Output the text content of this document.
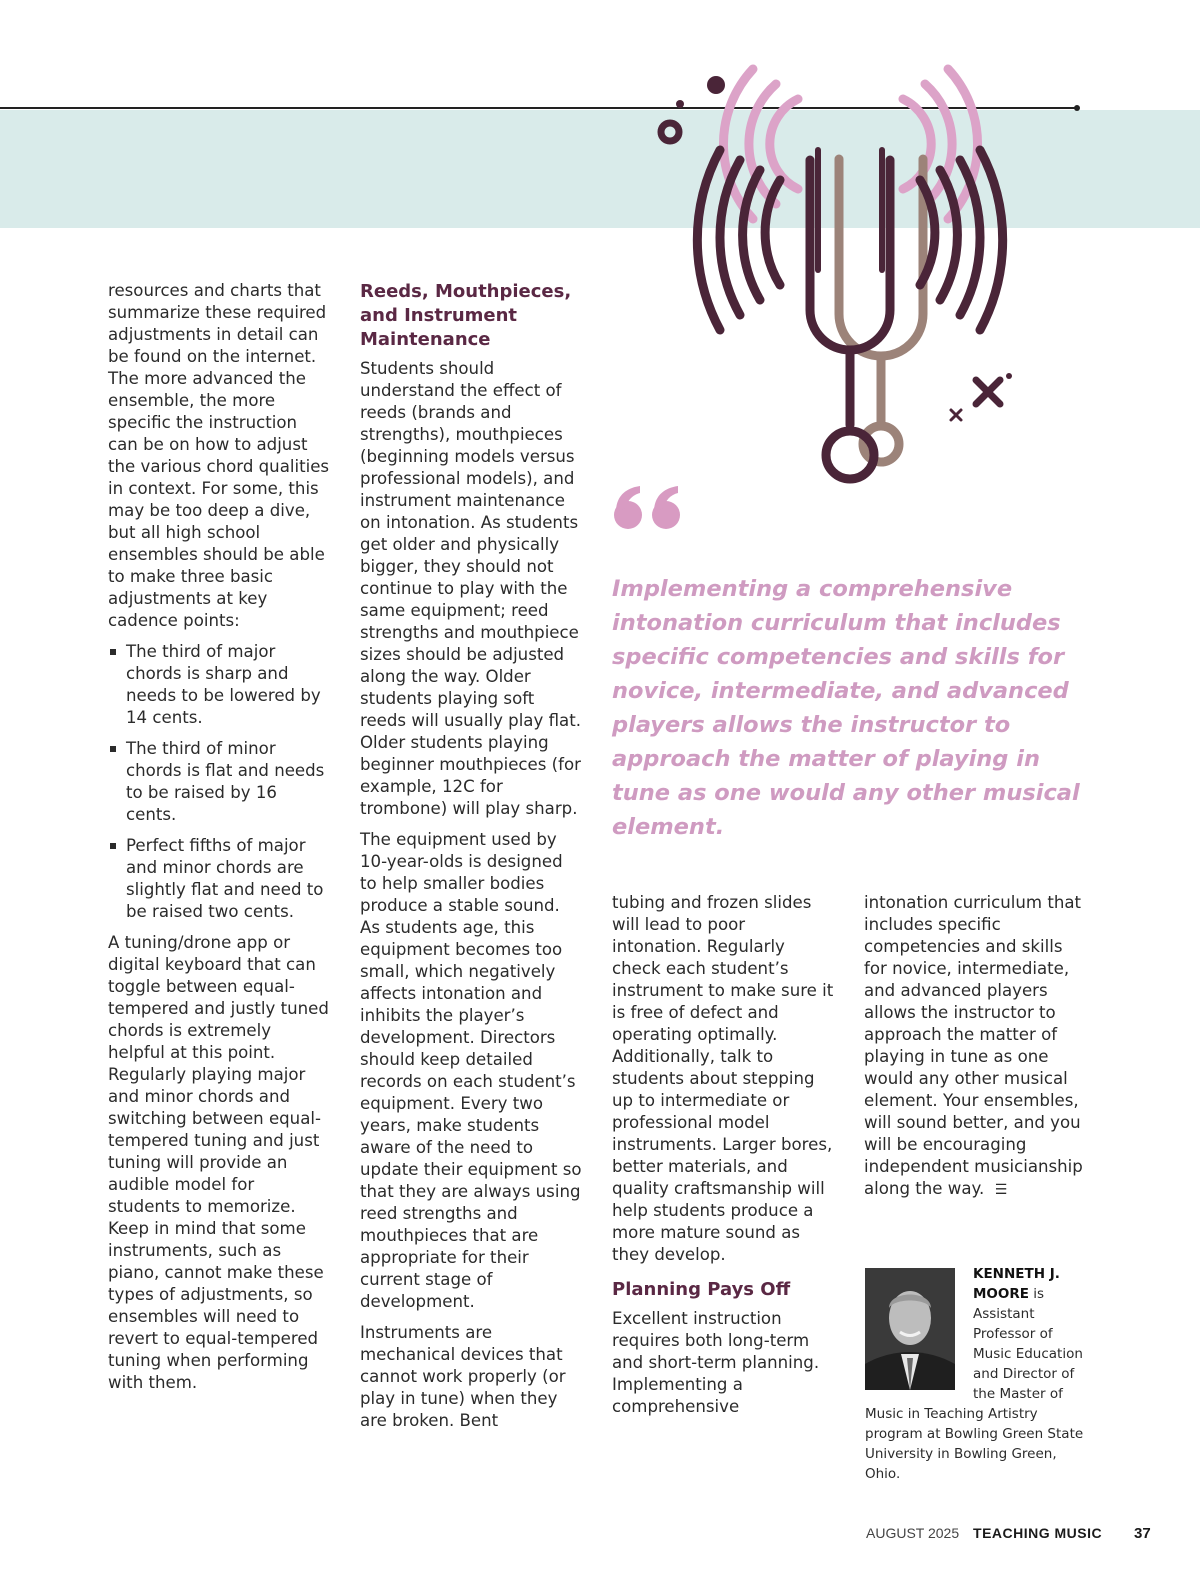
resources and charts that summarize these required adjustments in detail can be found on the internet. The more advanced the ensemble, the more specific the instruction can be on how to adjust the various chord qualities in context. For some, this may be too deep a dive, but all high school ensembles should be able to make three basic adjustments at key cadence points:

The third of major chords is sharp and needs to be lowered by 14 cents.
The third of minor chords is flat and needs to be raised by 16 cents.
Perfect fifths of major and minor chords are slightly flat and need to be raised two cents.

A tuning/drone app or digital keyboard that can toggle between equal-tempered and justly tuned chords is extremely helpful at this point. Regularly playing major and minor chords and switching between equal-tempered tuning and just tuning will provide an audible model for students to memorize. Keep in mind that some instruments, such as piano, cannot make these types of adjustments, so ensembles will need to revert to equal-tempered tuning when performing with them.

Reeds, Mouthpieces, and Instrument Maintenance

Students should understand the effect of reeds (brands and strengths), mouthpieces (beginning models versus professional models), and instrument maintenance on intonation. As students get older and physically bigger, they should not continue to play with the same equipment; reed strengths and mouthpiece sizes should be adjusted along the way. Older students playing soft reeds will usually play flat. Older students playing beginner mouthpieces (for example, 12C for trombone) will play sharp.

The equipment used by 10-year-olds is designed to help smaller bodies produce a stable sound. As students age, this equipment becomes too small, which negatively affects intonation and inhibits the player’s development. Directors should keep detailed records on each student’s equipment. Every two years, make students aware of the need to update their equipment so that they are always using reed strengths and mouthpieces that are appropriate for their current stage of development.

Instruments are mechanical devices that cannot work properly (or play in tune) when they are broken. Bent

Implementing a comprehensive intonation curriculum that includes specific competencies and skills for novice, intermediate, and advanced players allows the instructor to approach the matter of playing in tune as one would any other musical element.

tubing and frozen slides will lead to poor intonation. Regularly check each student’s instrument to make sure it is free of defect and operating optimally. Additionally, talk to students about stepping up to intermediate or professional model instruments. Larger bores, better materials, and quality craftsmanship will help students produce a more mature sound as they develop.

Planning Pays Off

Excellent instruction requires both long-term and short-term planning. Implementing a comprehensive

intonation curriculum that includes specific competencies and skills for novice, intermediate, and advanced players allows the instructor to approach the matter of playing in tune as one would any other musical element. Your ensembles, will sound better, and you will be encouraging independent musicianship along the way. ☰

KENNETH J. MOORE is Assistant Professor of Music Education and Director of the Master of Music in Teaching Artistry program at Bowling Green State University in Bowling Green, Ohio.
AUGUST 2025 TEACHING MUSIC 37
